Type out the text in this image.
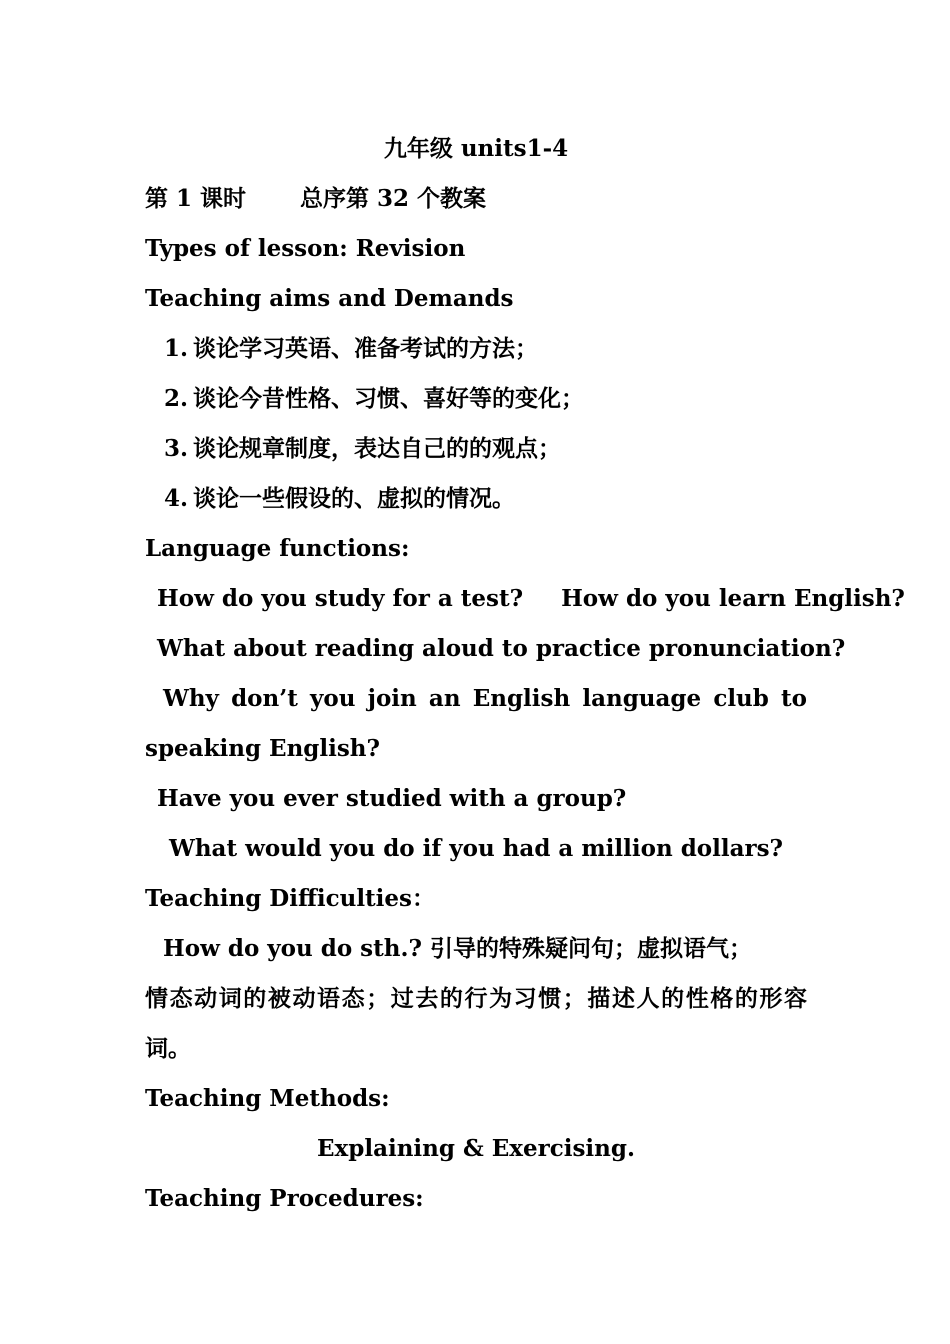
九年级 units1-4
第 1 课时 总序第 32 个教案
Types of lesson: Revision
Teaching aims and Demands
1. 谈论学习英语、准备考试的方法；
2. 谈论今昔性格、习惯、喜好等的变化；
3. 谈论规章制度，表达自己的的观点；
4. 谈论一些假设的、虚拟的情况。
Language functions:
How do you study for a test? How do you learn English?
What about reading aloud to practice pronunciation?
Why don’t you join an English language club to
speaking English?
Have you ever studied with a group?
What would you do if you had a million dollars?
Teaching Difficulties：
How do you do sth.? 引导的特殊疑问句；虚拟语气；
情态动词的被动语态；过去的行为习惯；描述人的性格的形容词。
Teaching Methods:
Explaining & Exercising.
Teaching Procedures:
